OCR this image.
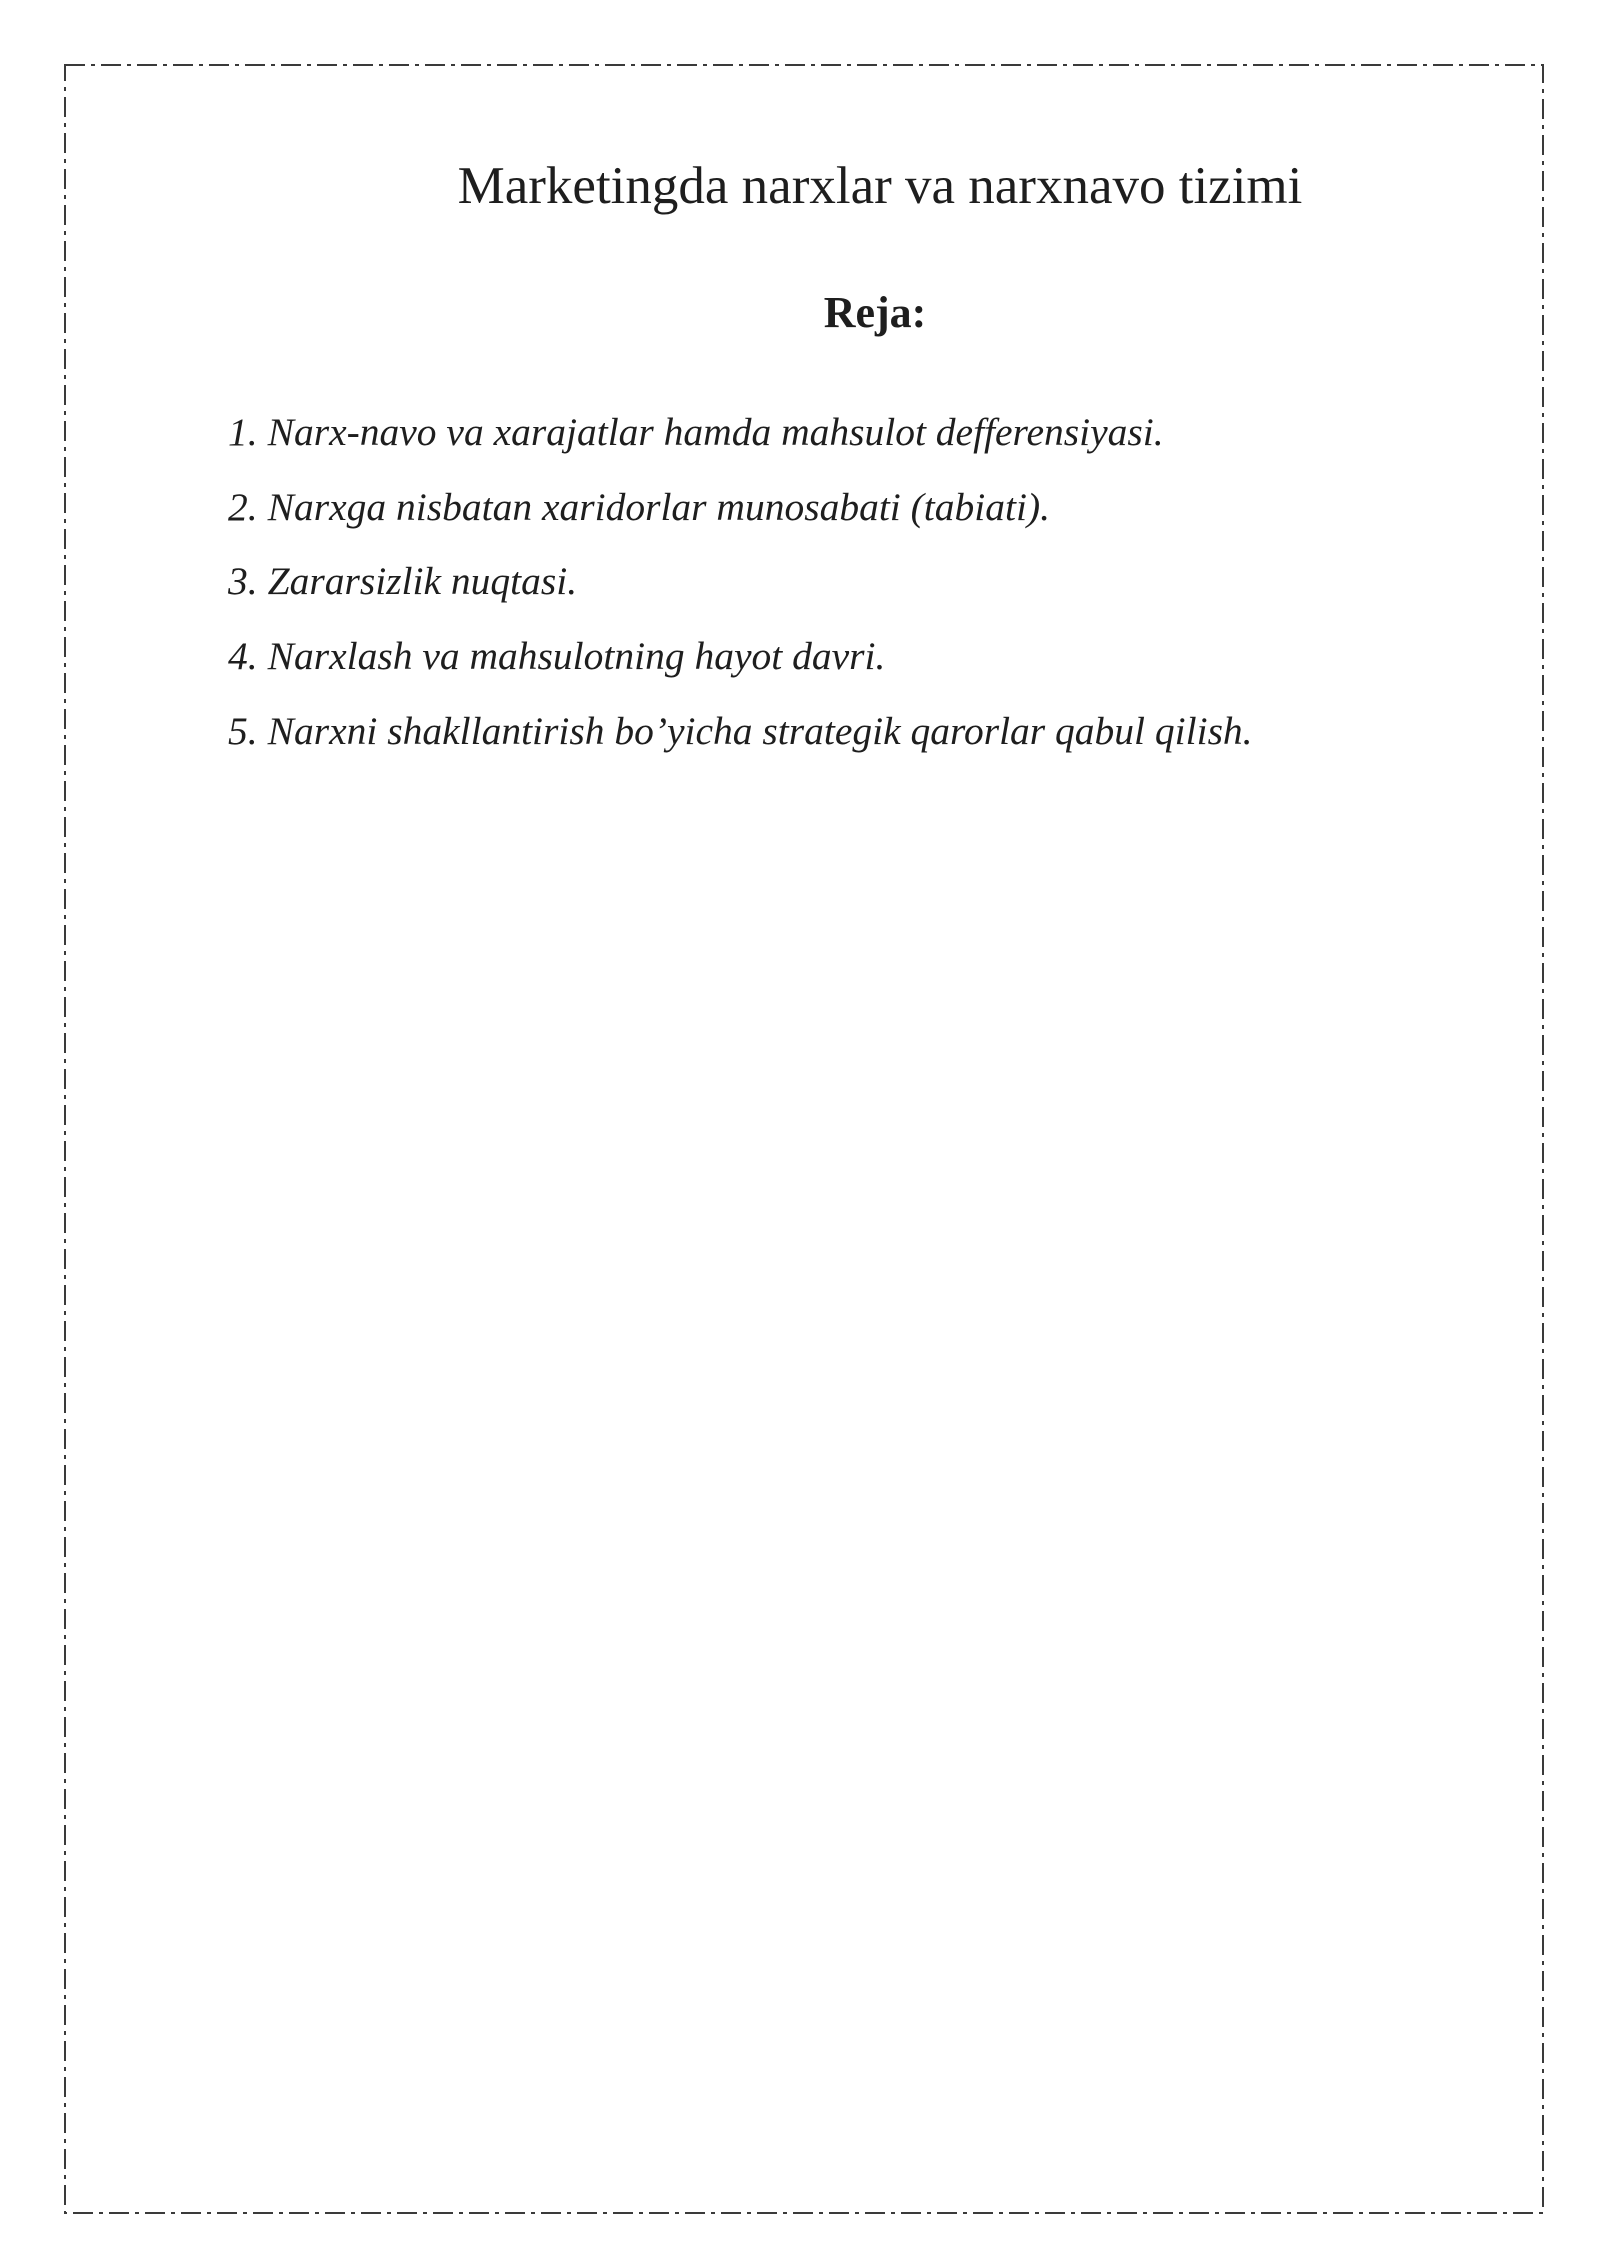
Marketingda narxlar va narxnavo tizimi
Reja:
1. Narx-navo va xarajatlar hamda mahsulot defferensiyasi.
2. Narxga nisbatan xaridorlar munosabati (tabiati).
3. Zararsizlik nuqtasi.
4. Narxlash va mahsulotning hayot davri.
5. Narxni shakllantirish bo’yicha strategik qarorlar qabul qilish.
